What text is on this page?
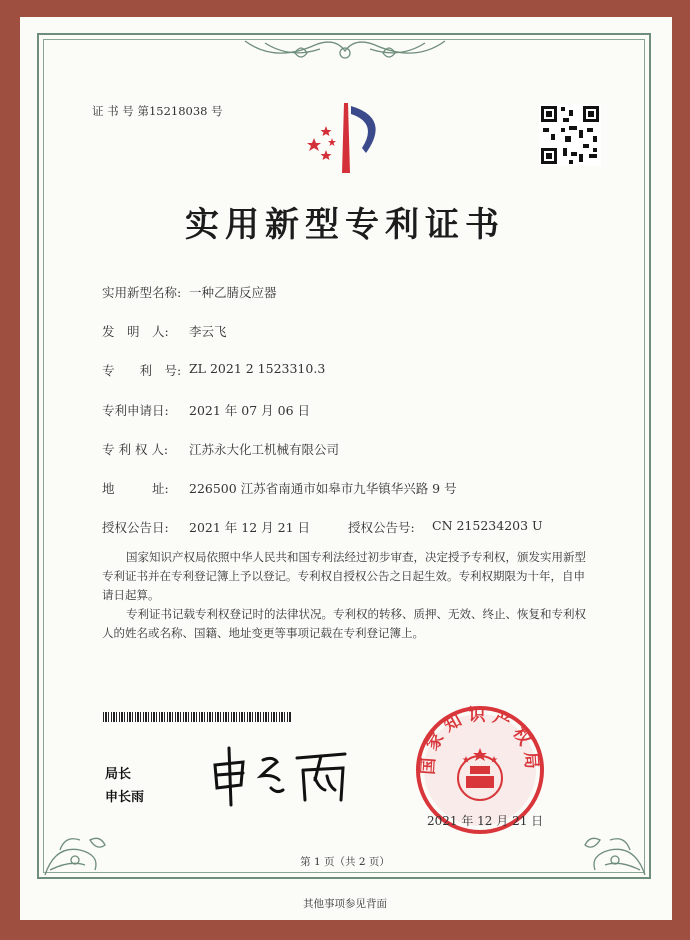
证 书 号 第15218038 号
实用新型专利证书
实用新型名称: 一种乙腈反应器
发　明　人: 李云飞
专　　利　号: ZL 2021 2 1523310.3
专利申请日: 2021 年 07 月 06 日
专 利 权 人: 江苏永大化工机械有限公司
地　　　址: 226500 江苏省南通市如皋市九华镇华兴路 9 号
授权公告日: 2021 年 12 月 21 日	授权公告号: CN 215234203 U
国家知识产权局依照中华人民共和国专利法经过初步审查，决定授予专利权，颁发实用新型专利证书并在专利登记簿上予以登记。专利权自授权公告之日起生效。专利权期限为十年，自申请日起算。
专利证书记载专利权登记时的法律状况。专利权的转移、质押、无效、终止、恢复和专利权人的姓名或名称、国籍、地址变更等事项记载在专利登记簿上。
局长
申长雨
国家知识产权局
2021 年 12 月 21 日
第 1 页（共 2 页）
其他事项参见背面
